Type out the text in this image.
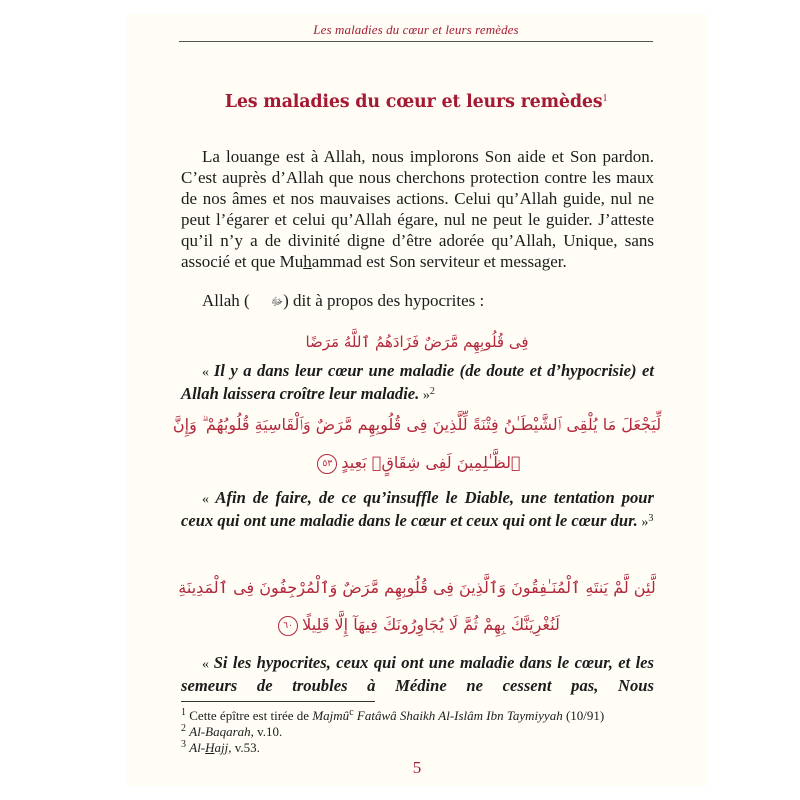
Les maladies du cœur et leurs remèdes
Les maladies du cœur et leurs remèdes$^1$
La louange est à Allah, nous implorons Son aide et Son pardon. C’est auprès d’Allah que nous cherchons protection contre les maux de nos âmes et nos mauvaises actions. Celui qu’Allah guide, nul ne peut l’égarer et celui qu’Allah égare, nul ne peut le guider. J’atteste qu’il n’y a de divinité digne d’être adorée qu’Allah, Unique, sans associé et que Muhammad est Son serviteur et messager.
Allah ( ﷻ) dit à propos des hypocrites :
فِى قُلُوبِهِم مَّرَضٌ فَزَادَهُمُ ٱللَّهُ مَرَضًا
« Il y a dans leur cœur une maladie (de doute et d’hypocrisie) et Allah laissera croître leur maladie. »$^2$
لِّيَجْعَلَ مَا يُلْقِى ٱلشَّيْطَـٰنُ فِتْنَةً لِّلَّذِينَ فِى قُلُوبِهِم مَّرَضٌ وَٱلْقَاسِيَةِ قُلُوبُهُمْ ۗ وَإِنَّ
ٱلظَّـٰلِمِينَ لَفِى شِقَاقٍۭ بَعِيدٍ٥٣
« Afin de faire, de ce qu’insuffle le Diable, une tentation pour ceux qui ont une maladie dans le cœur et ceux qui ont le cœur dur. »$^3$
لَّئِن لَّمْ يَنتَهِ ٱلْمُنَـٰفِقُونَ وَٱلَّذِينَ فِى قُلُوبِهِم مَّرَضٌ وَٱلْمُرْجِفُونَ فِى ٱلْمَدِينَةِ
لَنُغْرِيَنَّكَ بِهِمْ ثُمَّ لَا يُجَاوِرُونَكَ فِيهَآ إِلَّا قَلِيلًا٦٠
« Si les hypocrites, ceux qui ont une maladie dans le cœur, et les semeurs de troubles à Médine ne cessent pas, Nous
$^1$ Cette épître est tirée de Majmû$^c$ Fatâwâ Shaikh Al-Islâm Ibn Taymiyyah (10/91)
$^2$ Al-Baqarah, v.10.
$^3$ Al-Hajj, v.53.
5
